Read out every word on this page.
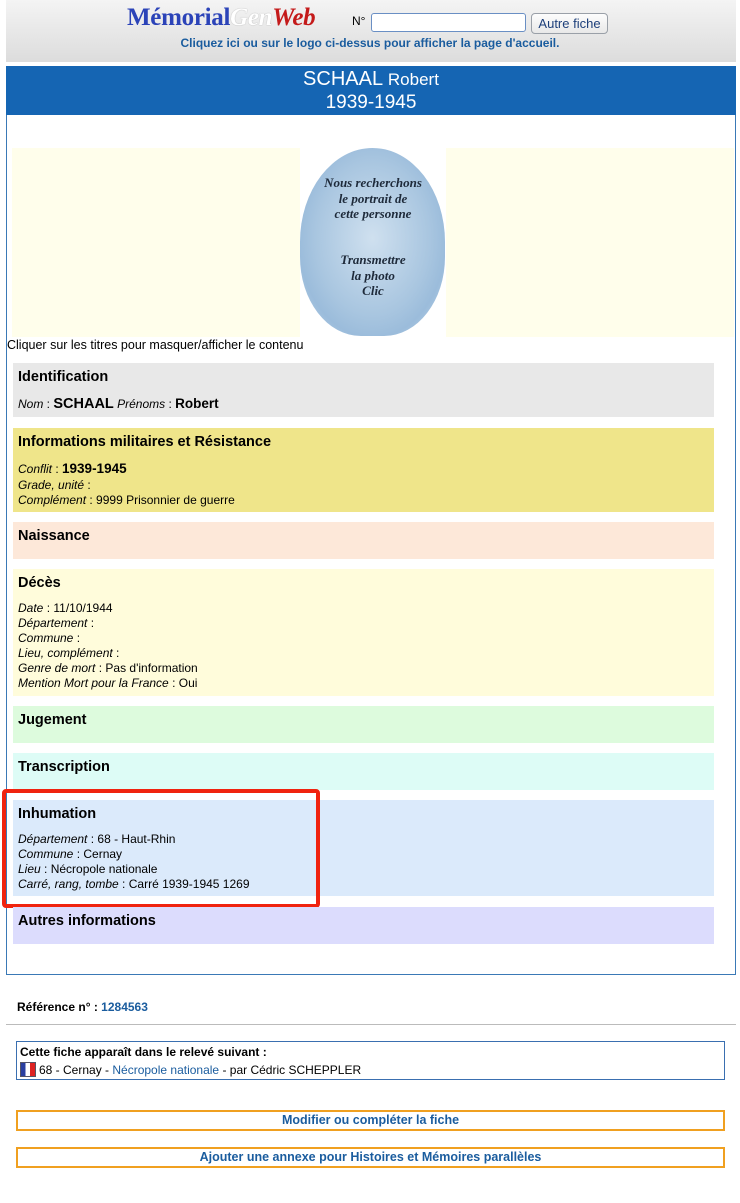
MémorialGenWeb	N°	Autre fiche
Cliquez ici ou sur le logo ci-dessus pour afficher la page d'accueil.
SCHAAL Robert
1939-1945
Nous recherchons
le portrait de
cette personne
Transmettre
la photo
Clic
Cliquer sur les titres pour masquer/afficher le contenu
Identification
Nom : SCHAAL Prénoms : Robert
Informations militaires et Résistance
Conflit : 1939-1945
Grade, unité :
Complément : 9999 Prisonnier de guerre
Naissance
Décès
Date : 11/10/1944
Département :
Commune :
Lieu, complément :
Genre de mort : Pas d'information
Mention Mort pour la France : Oui
Jugement
Transcription
Inhumation
Département : 68 - Haut-Rhin
Commune : Cernay
Lieu : Nécropole nationale
Carré, rang, tombe : Carré 1939-1945 1269
Autres informations
Référence n° : 1284563
Cette fiche apparaît dans le relevé suivant :
68 - Cernay - Nécropole nationale - par Cédric SCHEPPLER
Modifier ou compléter la fiche
Ajouter une annexe pour Histoires et Mémoires parallèles
